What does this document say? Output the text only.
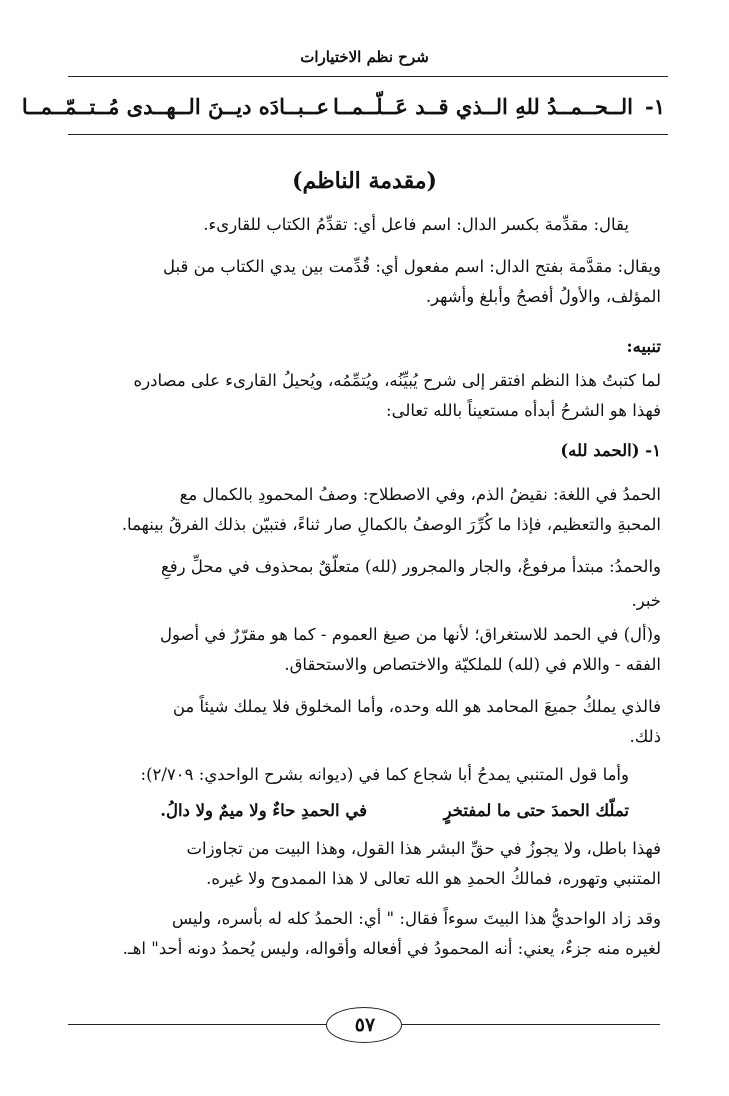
شرح نظم الاختيارات
١-
الــحــمــدُ للهِ الــذي قــد عَــلّــمــا
عــبــادَه ديــنَ الــهــدى مُــتــمّــمــا
(مقدمة الناظم)
يقال: مقدِّمة بكسر الدال: اسم فاعل أي: تقدِّمُ الكتاب للقارىء.
ويقال: مقدَّمة بفتح الدال: اسم مفعول أي: قُدِّمت بين يدي الكتاب من قبل
المؤلف، والأولُ أفصحُ وأبلغ وأشهر.
تنبيه:
لما كتبتُ هذا النظم افتقر إلى شرح يُبيِّنُه، ويُتمِّمُه، ويُحيلُ القارىء على مصادره
فهذا هو الشرحُ أبدأه مستعيناً بالله تعالى:
١- (الحمد لله)
الحمدُ في اللغة: نقيضُ الذم، وفي الاصطلاح: وصفُ المحمودِ بالكمال مع
المحبةِ والتعظيم، فإذا ما كُرِّرَ الوصفُ بالكمالِ صار ثناءً، فتبيّن بذلك الفرقُ بينهما.
والحمدُ: مبتدأ مرفوعٌ، والجار والمجرور (لله) متعلّقٌ بمحذوف في محلِّ رفعِ
خبر.
و(أل) في الحمد للاستغراق؛ لأنها من صيغ العموم - كما هو مقرّرٌ في أصول
الفقه - واللام في (لله) للملكيّة والاختصاص والاستحقاق.
فالذي يملكُ جميعَ المحامد هو الله وحده، وأما المخلوق فلا يملك شيئاً من
ذلك.
وأما قول المتنبي يمدحُ أبا شجاع كما في (ديوانه بشرح الواحدي: ٢/٧٠٩):
تملّك الحمدَ حتى ما لمفتخرٍ
في الحمدِ حاءٌ ولا ميمٌ ولا دالُ.
فهذا باطل، ولا يجوزُ في حقِّ البشر هذا القول، وهذا البيت من تجاوزات
المتنبي وتهوره، فمالكُ الحمدِ هو الله تعالى لا هذا الممدوح ولا غيره.
وقد زاد الواحديُّ هذا البيتَ سوءاً فقال: " أي: الحمدُ كله له بأسره، وليس
لغيره منه جزءٌ، يعني: أنه المحمودُ في أفعاله وأقواله، وليس يُحمدُ دونه أحد" اهـ.
٥٧
